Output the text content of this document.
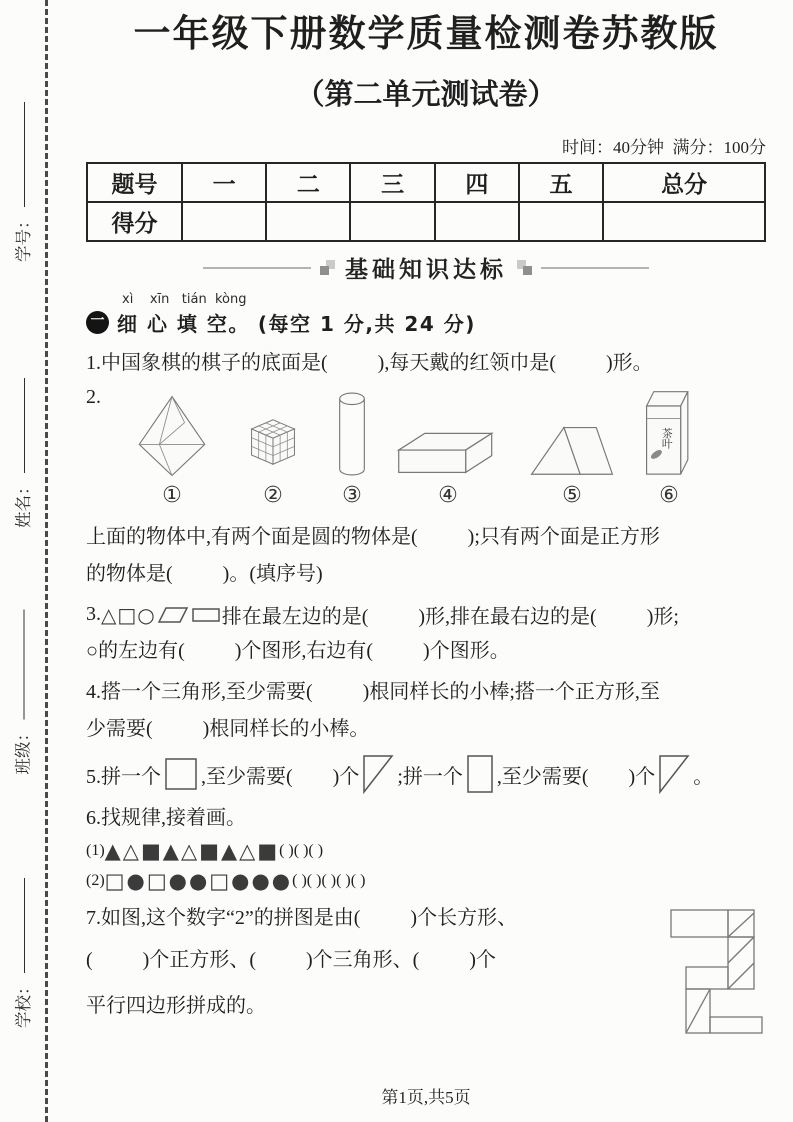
学号：
姓名：
班级：
学校：
一年级下册数学质量检测卷苏教版
（第二单元测试卷）
时间：40分钟  满分：100分
题号	一	二	三	四	五	总分
得分						
基础知识达标
xì    xīn   tián  kòng
一 细 心 填 空。 (每空 1 分,共 24 分)
1.中国象棋的棋子的底面是(          ),每天戴的红领巾是(          )形。
2.
①	②	③	④	⑤
茶叶
⑥
上面的物体中,有两个面是圆的物体是(          );只有两个面是正方形
的物体是(          )。(填序号)
3. △□○	排在最左边的是(          )形,排在最右边的是(          )形;
○的左边有(          )个图形,右边有(          )个图形。
4.搭一个三角形,至少需要(          )根同样长的小棒;搭一个正方形,至
少需要(          )根同样长的小棒。
5.拼一个 ,至少需要(        )个 ;拼一个 ,至少需要(        )个 。
6.找规律,接着画。
(1) ▲△■▲△■▲△■ ( )( )( )
(2) □●□●●□●●● ( )( )( )( )( )
7.如图,这个数字“2”的拼图是由(          )个长方形、
(          )个正方形、(          )个三角形、(          )个
平行四边形拼成的。
第1页,共5页
